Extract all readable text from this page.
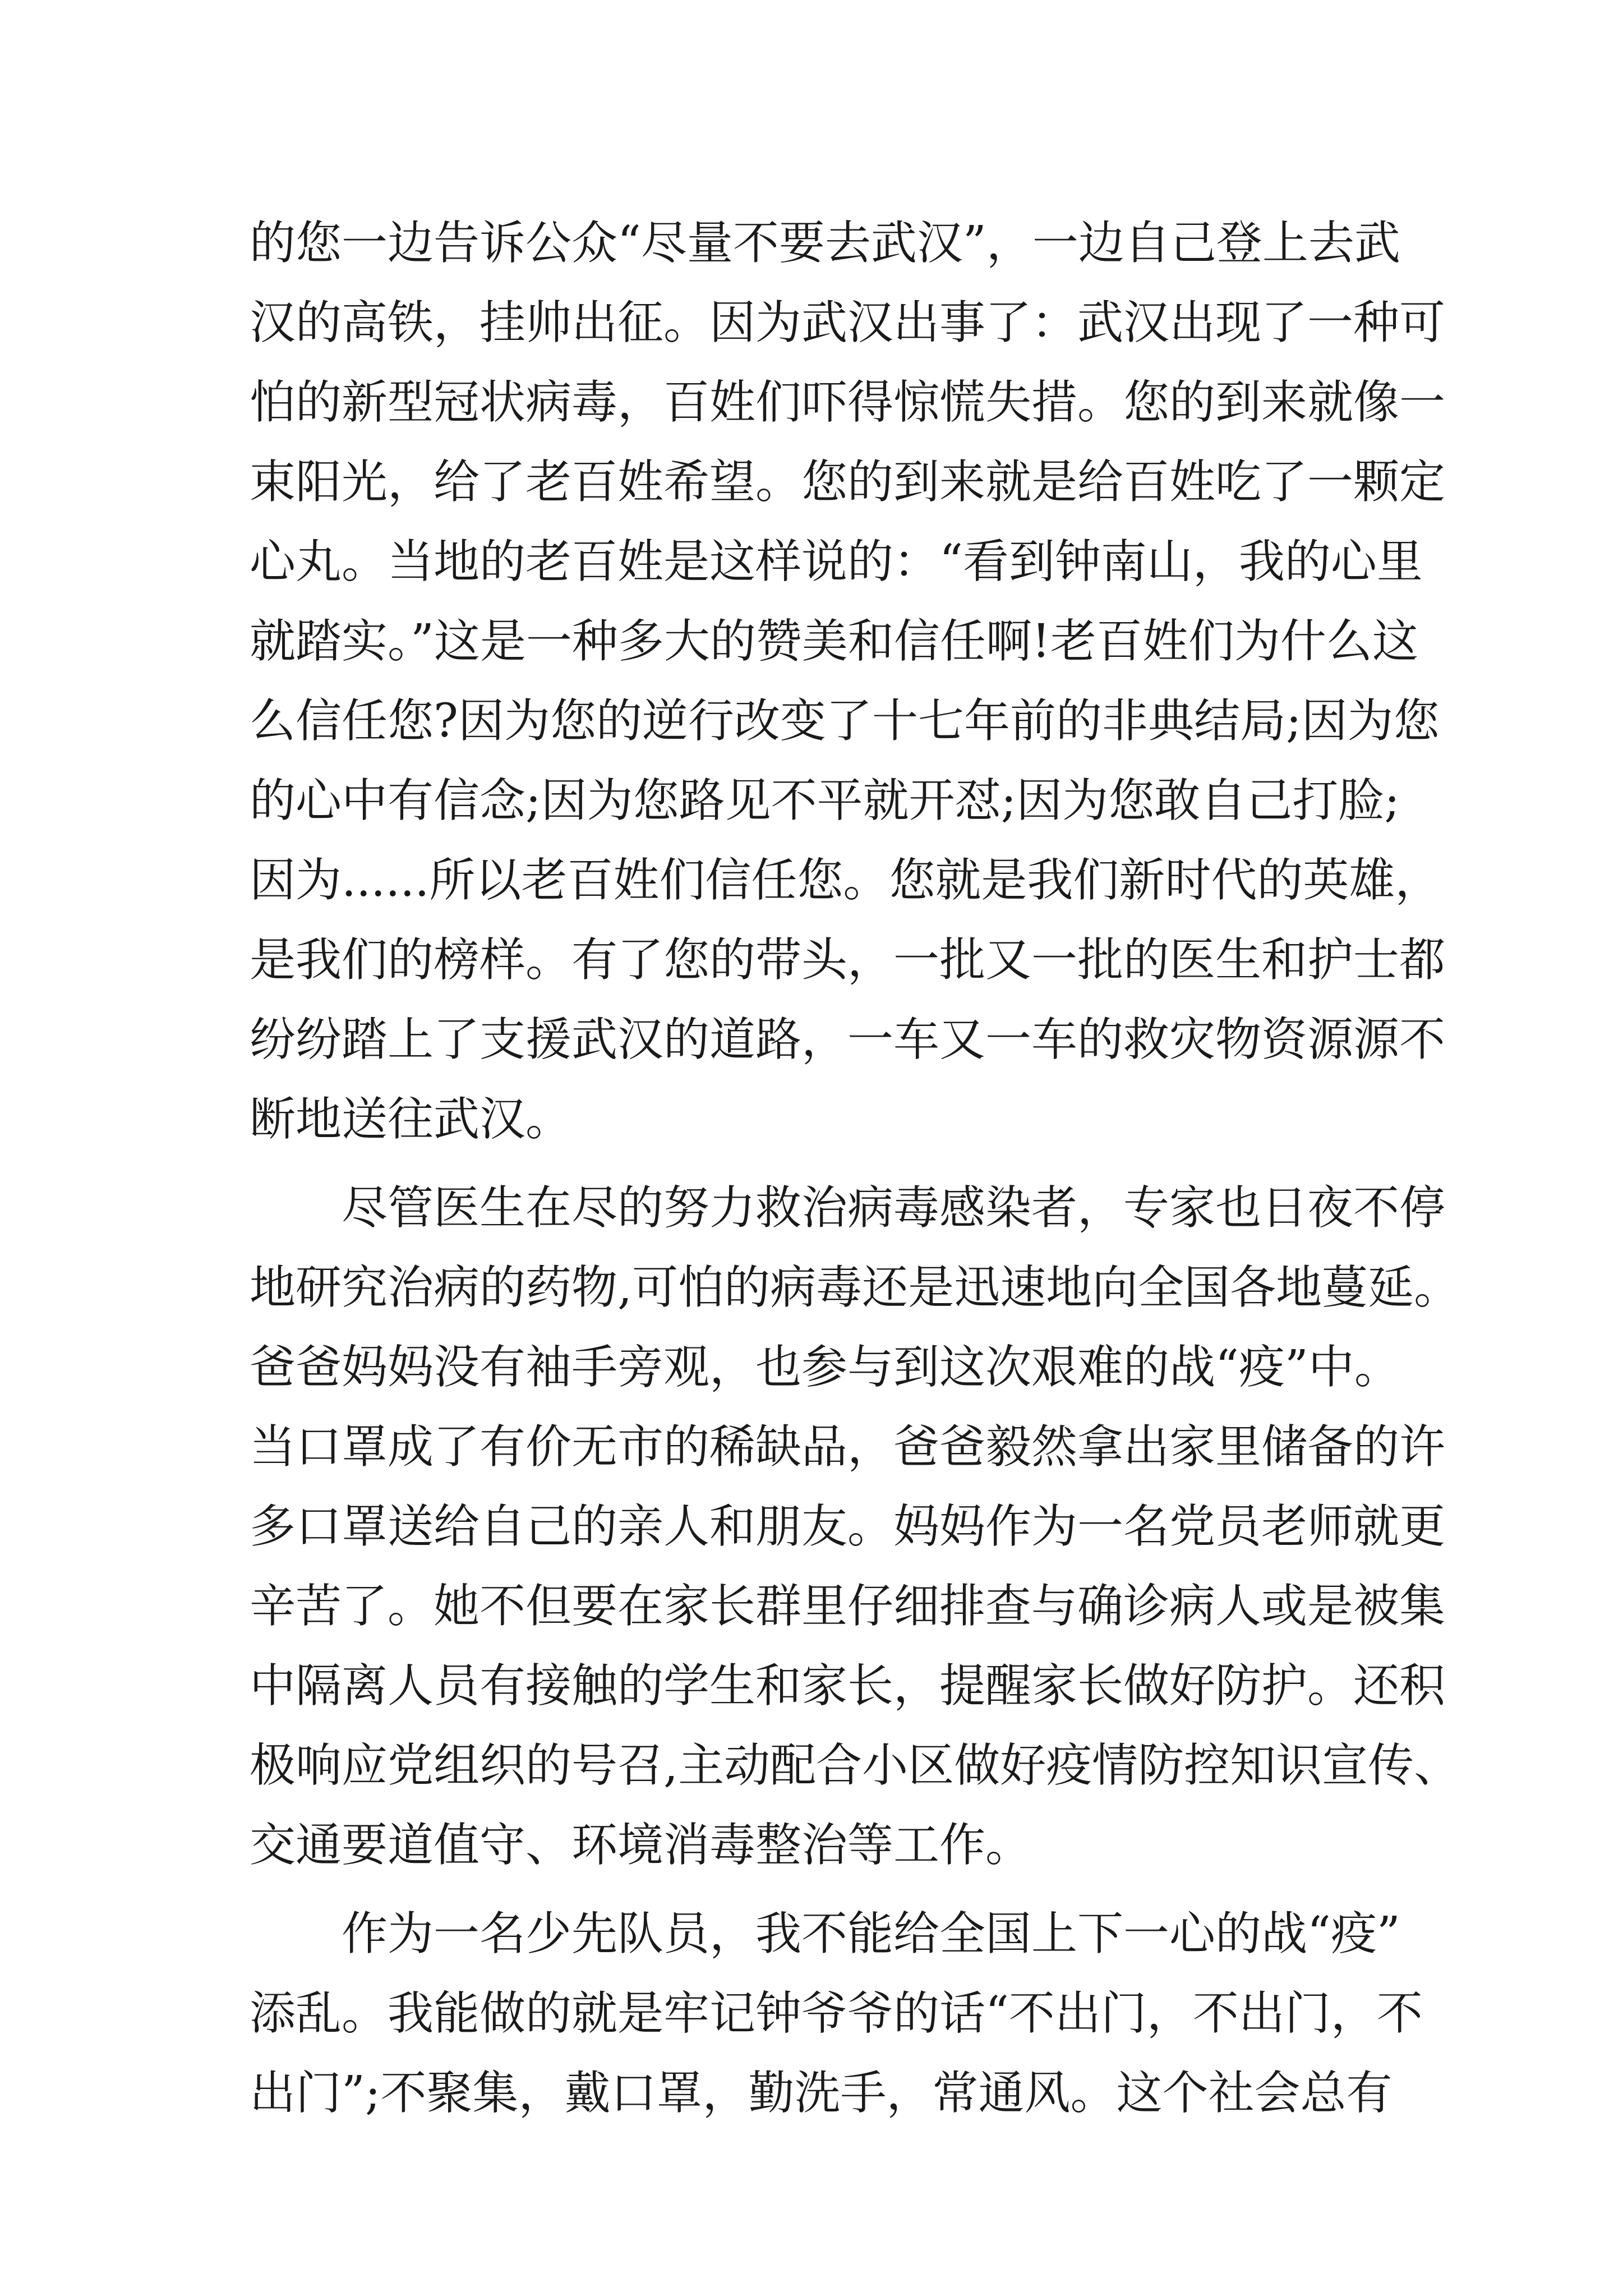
的您一边告诉公众“尽量不要去武汉”，一边自己登上去武
汉的高铁，挂帅出征。因为武汉出事了：武汉出现了一种可
怕的新型冠状病毒，百姓们吓得惊慌失措。您的到来就像一
束阳光，给了老百姓希望。您的到来就是给百姓吃了一颗定
心丸。当地的老百姓是这样说的：“看到钟南山，我的心里
就踏实。”这是一种多大的赞美和信任啊!老百姓们为什么这
么信任您?因为您的逆行改变了十七年前的非典结局;因为您
的心中有信念;因为您路见不平就开怼;因为您敢自己打脸;
因为......所以老百姓们信任您。您就是我们新时代的英雄，
是我们的榜样。有了您的带头，一批又一批的医生和护士都
纷纷踏上了支援武汉的道路，一车又一车的救灾物资源源不
断地送往武汉。
尽管医生在尽的努力救治病毒感染者，专家也日夜不停
地研究治病的药物,可怕的病毒还是迅速地向全国各地蔓延。
爸爸妈妈没有袖手旁观，也参与到这次艰难的战“疫”中。
当口罩成了有价无市的稀缺品，爸爸毅然拿出家里储备的许
多口罩送给自己的亲人和朋友。妈妈作为一名党员老师就更
辛苦了。她不但要在家长群里仔细排查与确诊病人或是被集
中隔离人员有接触的学生和家长，提醒家长做好防护。还积
极响应党组织的号召,主动配合小区做好疫情防控知识宣传、
交通要道值守、环境消毒整治等工作。
作为一名少先队员，我不能给全国上下一心的战“疫”
添乱。我能做的就是牢记钟爷爷的话“不出门，不出门，不
出门”;不聚集，戴口罩，勤洗手，常通风。这个社会总有
